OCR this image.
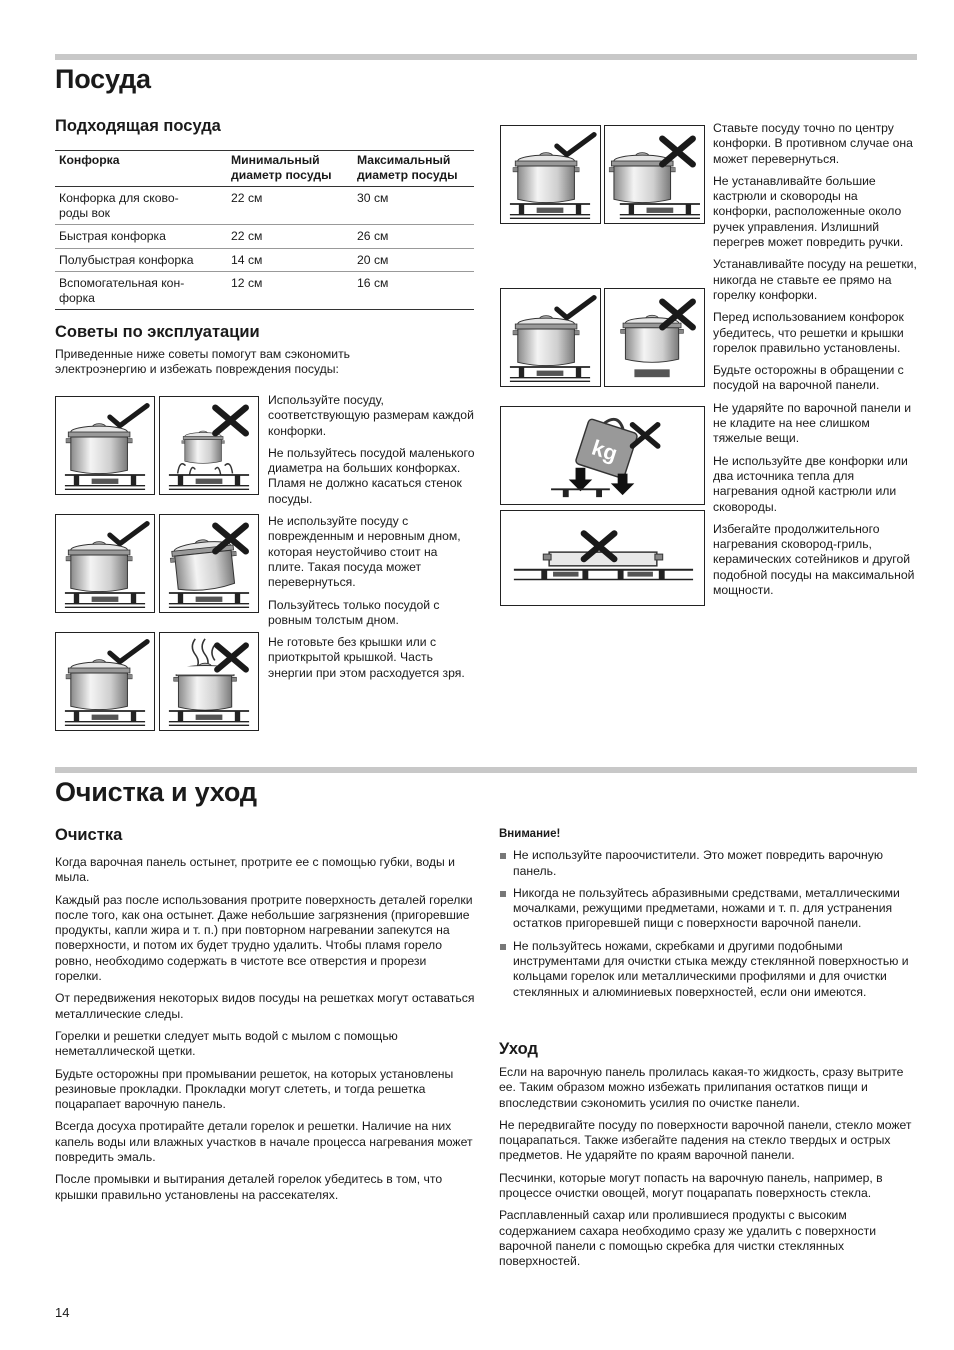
Посуда
Подходящая посуда
Конфорка	Минимальный диаметр посуды	Максимальный диаметр посуды
Конфорка для сково-
роды вок	22 см	30 см
Быстрая конфорка	22 см	26 см
Полубыстрая конфорка	14 см	20 см
Вспомогательная кон-
форка	12 см	16 см
Советы по эксплуатации

Приведенные ниже советы помогут вам сэкономить электроэнергию и избежать повреждения посуды:

Используйте посуду, соответствующую размерам каждой конфорки.

Не пользуйтесь посудой маленького диаметра на больших конфорках. Пламя не должно касаться стенок посуды.

Не используйте посуду с поврежденным и неровным дном, которая неустойчиво стоит на плите. Такая посуда может перевернуться.

Пользуйтесь только посудой с ровным толстым дном.

Не готовьте без крышки или с приоткрытой крышкой. Часть энергии при этом расходуется зря.

kg

Ставьте посуду точно по центру конфорки. В противном случае она может перевернуться.

Не устанавливайте большие кастрюли и сковороды на конфорки, расположенные около ручек управления. Излишний перегрев может повредить ручки.

Устанавливайте посуду на решетки, никогда не ставьте ее прямо на горелку конфорки.

Перед использованием конфорок убедитесь, что решетки и крышки горелок правильно установлены.

Будьте осторожны в обращении с посудой на варочной панели.

Не ударяйте по варочной панели и не кладите на нее слишком тяжелые вещи.

Не используйте две конфорки или два источника тепла для нагревания одной кастрюли или сковороды.

Избегайте продолжительного нагревания сковород-гриль, керамических сотейников и другой подобной посуды на максимальной мощности.

Очистка и уход
Очистка

Когда варочная панель остынет, протрите ее с помощью губки, воды и мыла.

Каждый раз после использования протрите поверхность деталей горелки после того, как она остынет. Даже небольшие загрязнения (пригоревшие продукты, капли жира и т. п.) при повторном нагревании запекутся на поверхности, и потом их будет трудно удалить. Чтобы пламя горело ровно, необходимо содержать в чистоте все отверстия и прорези горелки.

От передвижения некоторых видов посуды на решетках могут оставаться металлические следы.

Горелки и решетки следует мыть водой с мылом с помощью неметаллической щетки.

Будьте осторожны при промывании решеток, на которых установлены резиновые прокладки. Прокладки могут слететь, и тогда решетка поцарапает варочную панель.

Всегда досуха протирайте детали горелок и решетки. Наличие на них капель воды или влажных участков в начале процесса нагревания может повредить эмаль.

После промывки и вытирания деталей горелок убедитесь в том, что крышки правильно установлены на рассекателях.

Внимание!

Не используйте пароочистители. Это может повредить варочную панель.
Никогда не пользуйтесь абразивными средствами, металлическими мочалками, режущими предметами, ножами и т. п. для устранения остатков пригоревшей пищи с поверхности варочной панели.
Не пользуйтесь ножами, скребками и другими подобными инструментами для очистки стыка между стеклянной поверхностью и кольцами горелок или металлическими профилями и для очистки стеклянных и алюминиевых поверхностей, если они имеются.
Уход

Если на варочную панель пролилась какая-то жидкость, сразу вытрите ее. Таким образом можно избежать прилипания остатков пищи и впоследствии сэкономить усилия по очистке панели.

Не передвигайте посуду по поверхности варочной панели, стекло может поцарапаться. Также избегайте падения на стекло твердых и острых предметов. Не ударяйте по краям варочной панели.

Песчинки, которые могут попасть на варочную панель, например, в процессе очистки овощей, могут поцарапать поверхность стекла.

Расплавленный сахар или пролившиеся продукты с высоким содержанием сахара необходимо сразу же удалить с поверхности варочной панели с помощью скребка для чистки стеклянных поверхностей.

14
